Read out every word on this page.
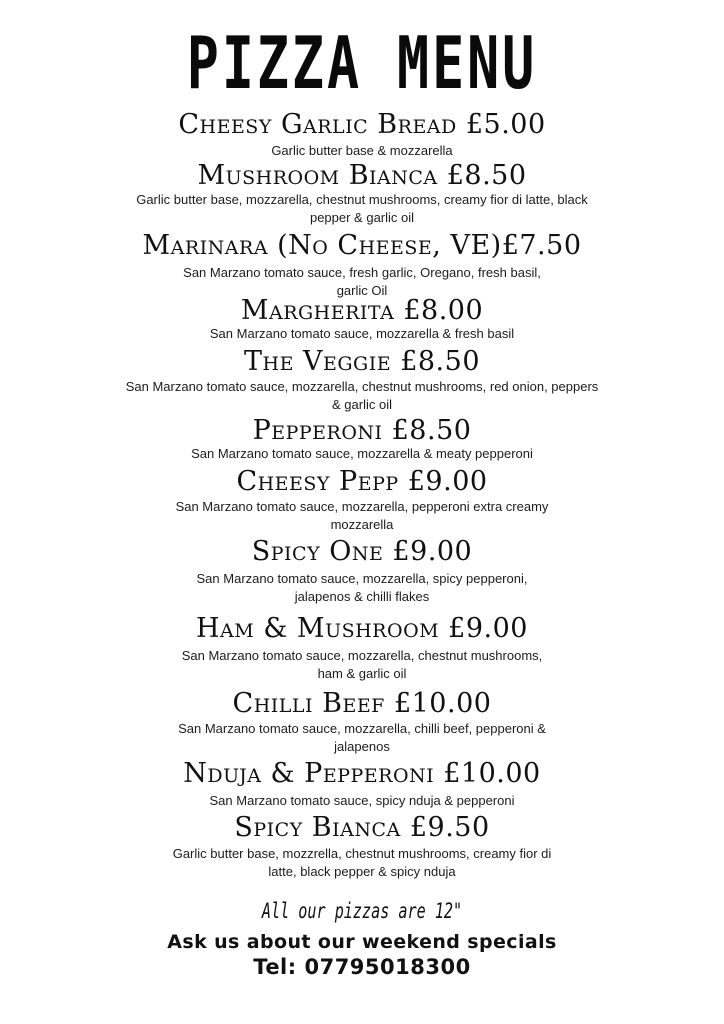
PIZZA MENU
Cheesy Garlic Bread £5.00
Garlic butter base & mozzarella
Mushroom Bianca £8.50
Garlic butter base, mozzarella, chestnut mushrooms, creamy fior di latte, black
pepper & garlic oil
Marinara (No Cheese, VE)£7.50
San Marzano tomato sauce, fresh garlic, Oregano, fresh basil,
garlic Oil
Margherita £8.00
San Marzano tomato sauce, mozzarella & fresh basil
The Veggie £8.50
San Marzano tomato sauce, mozzarella, chestnut mushrooms, red onion, peppers
& garlic oil
Pepperoni £8.50
San Marzano tomato sauce, mozzarella & meaty pepperoni
Cheesy Pepp £9.00
San Marzano tomato sauce, mozzarella, pepperoni extra creamy
mozzarella
Spicy One £9.00
San Marzano tomato sauce, mozzarella, spicy pepperoni,
jalapenos & chilli flakes
Ham & Mushroom £9.00
San Marzano tomato sauce, mozzarella, chestnut mushrooms,
ham & garlic oil
Chilli Beef £10.00
San Marzano tomato sauce, mozzarella, chilli beef, pepperoni &
jalapenos
Nduja & Pepperoni £10.00
San Marzano tomato sauce, spicy nduja & pepperoni
Spicy Bianca £9.50
Garlic butter base, mozzrella, chestnut mushrooms, creamy fior di
latte, black pepper & spicy nduja
All our pizzas are 12"
Ask us about our weekend specials
Tel: 07795018300
